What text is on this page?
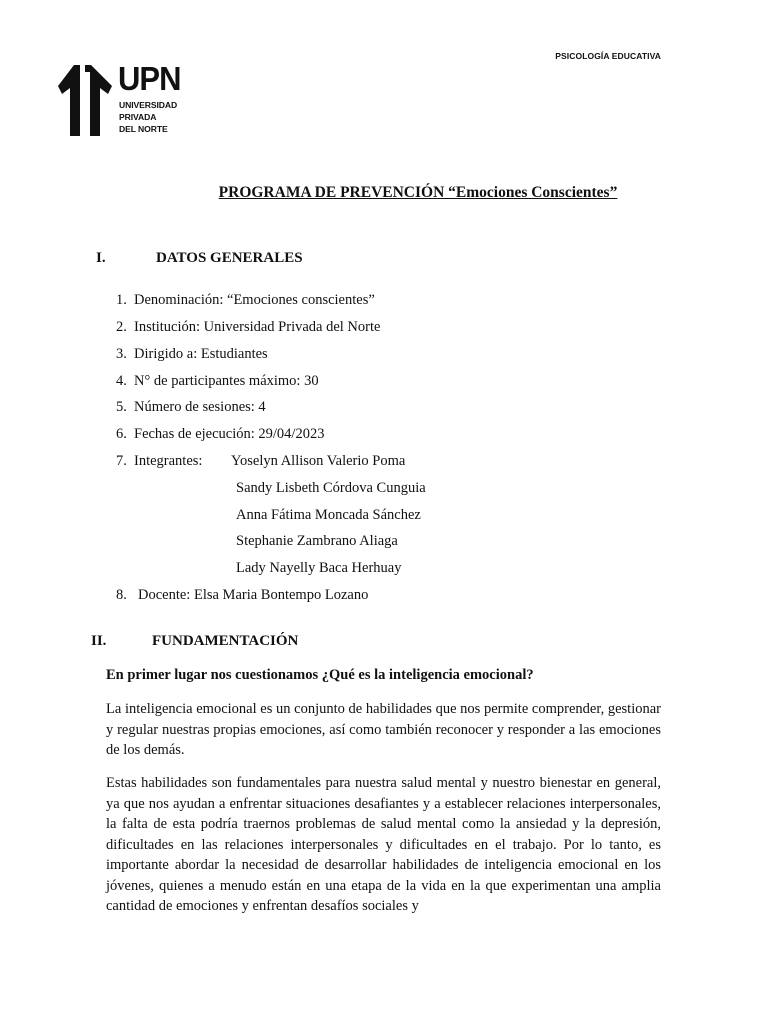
PSICOLOGÍA EDUCATIVA
UPN
UNIVERSIDAD
PRIVADA
DEL NORTE
PROGRAMA DE PREVENCIÓN “Emociones Conscientes”
I.	DATOS GENERALES
1. Denominación: “Emociones conscientes”
2. Institución: Universidad Privada del Norte
3. Dirigido a: Estudiantes
4. N° de participantes máximo: 30
5. Número de sesiones: 4
6. Fechas de ejecución: 29/04/2023
7. Integrantes: Yoselyn Allison Valerio Poma
Sandy Lisbeth Córdova Cunguia
Anna Fátima Moncada Sánchez
Stephanie Zambrano Aliaga
Lady Nayelly Baca Herhuay
8. Docente: Elsa Maria Bontempo Lozano
II.	FUNDAMENTACIÓN
En primer lugar nos cuestionamos ¿Qué es la inteligencia emocional?

La inteligencia emocional es un conjunto de habilidades que nos permite comprender, gestionar y regular nuestras propias emociones, así como también reconocer y responder a las emociones de los demás.

Estas habilidades son fundamentales para nuestra salud mental y nuestro bienestar en general, ya que nos ayudan a enfrentar situaciones desafiantes y a establecer relaciones interpersonales, la falta de esta podría traernos problemas de salud mental como la ansiedad y la depresión, dificultades en las relaciones interpersonales y dificultades en el trabajo. Por lo tanto, es importante abordar la necesidad de desarrollar habilidades de inteligencia emocional en los jóvenes, quienes a menudo están en una etapa de la vida en la que experimentan una amplia cantidad de emociones y enfrentan desafíos sociales y
